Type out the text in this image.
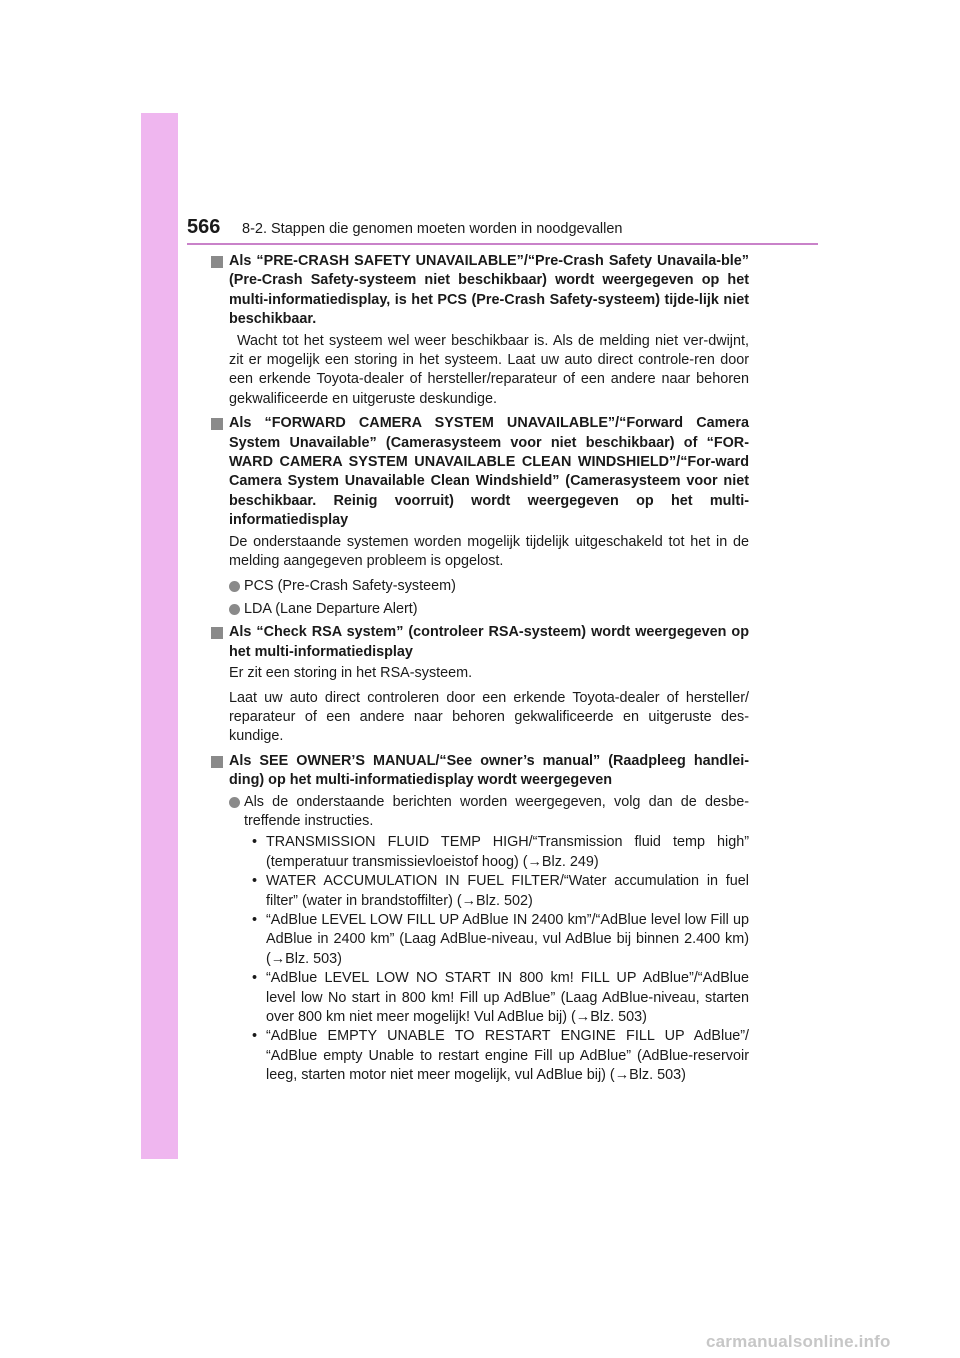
566 8-2. Stappen die genomen moeten worden in noodgevallen

Als “PRE-CRASH SAFETY UNAVAILABLE”/“Pre-Crash Safety Unavaila-ble” (Pre-Crash Safety-systeem niet beschikbaar) wordt weergegeven op het multi-informatiedisplay, is het PCS (Pre-Crash Safety-systeem) tijde-lijk niet beschikbaar.

Wacht tot het systeem wel weer beschikbaar is. Als de melding niet ver-dwijnt, zit er mogelijk een storing in het systeem. Laat uw auto direct controle-ren door een erkende Toyota-dealer of hersteller/reparateur of een andere naar behoren gekwalificeerde en uitgeruste deskundige.

Als “FORWARD CAMERA SYSTEM UNAVAILABLE”/“Forward Camera System Unavailable” (Camerasysteem voor niet beschikbaar) of “FOR-WARD CAMERA SYSTEM UNAVAILABLE CLEAN WINDSHIELD”/“For-ward Camera System Unavailable Clean Windshield” (Camerasysteem voor niet beschikbaar. Reinig voorruit) wordt weergegeven op het multi-informatiedisplay

De onderstaande systemen worden mogelijk tijdelijk uitgeschakeld tot het in de melding aangegeven probleem is opgelost.

PCS (Pre-Crash Safety-systeem)
LDA (Lane Departure Alert)

Als “Check RSA system” (controleer RSA-systeem) wordt weergegeven op het multi-informatiedisplay

Er zit een storing in het RSA-systeem.

Laat uw auto direct controleren door een erkende Toyota-dealer of hersteller/ reparateur of een andere naar behoren gekwalificeerde en uitgeruste des-kundige.

Als SEE OWNER’S MANUAL/“See owner’s manual” (Raadpleeg handlei-ding) op het multi-informatiedisplay wordt weergegeven

Als de onderstaande berichten worden weergegeven, volg dan de desbe-treffende instructies.
• TRANSMISSION FLUID TEMP HIGH/“Transmission fluid temp high” (temperatuur transmissievloeistof hoog) (→Blz. 249)
• WATER ACCUMULATION IN FUEL FILTER/“Water accumulation in fuel filter” (water in brandstoffilter) (→Blz. 502)
• “AdBlue LEVEL LOW FILL UP AdBlue IN 2400 km”/“AdBlue level low Fill up AdBlue in 2400 km” (Laag AdBlue-niveau, vul AdBlue bij binnen 2.400 km) (→Blz. 503)
• “AdBlue LEVEL LOW NO START IN 800 km! FILL UP AdBlue”/“AdBlue level low No start in 800 km! Fill up AdBlue” (Laag AdBlue-niveau, starten over 800 km niet meer mogelijk! Vul AdBlue bij) (→Blz. 503)
• “AdBlue EMPTY UNABLE TO RESTART ENGINE FILL UP AdBlue”/ “AdBlue empty Unable to restart engine Fill up AdBlue” (AdBlue-reservoir leeg, starten motor niet meer mogelijk, vul AdBlue bij) (→Blz. 503)
carmanualsonline.info
